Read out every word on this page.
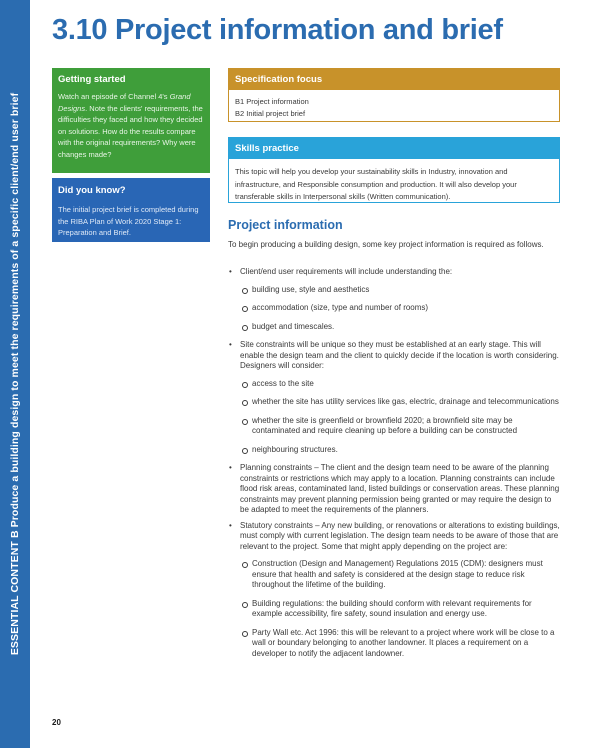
ESSENTIAL CONTENT B Produce a building design to meet the requirements of a specific client/end user brief
3.10 Project information and brief
Getting started
Watch an episode of Channel 4's Grand Designs. Note the clients' requirements, the difficulties they faced and how they decided on solutions. How do the results compare with the original requirements? Why were changes made?
Did you know?
The initial project brief is completed during the RIBA Plan of Work 2020 Stage 1: Preparation and Brief.
Specification focus
B1 Project information
B2 Initial project brief
Skills practice
This topic will help you develop your sustainability skills in Industry, innovation and infrastructure, and Responsible consumption and production. It will also develop your transferable skills in Interpersonal skills (Written communication).
Project information

To begin producing a building design, some key project information is required as follows.

• Client/end user requirements will include understanding the:
building use, style and aesthetics
accommodation (size, type and number of rooms)
budget and timescales.
• Site constraints will be unique so they must be established at an early stage. This will enable the design team and the client to quickly decide if the location is worth considering. Designers will consider:
access to the site
whether the site has utility services like gas, electric, drainage and telecommunications
whether the site is greenfield or brownfield 2020; a brownfield site may be contaminated and require cleaning up before a building can be constructed
neighbouring structures.
• Planning constraints – The client and the design team need to be aware of the planning constraints or restrictions which may apply to a location. Planning constraints can include flood risk areas, contaminated land, listed buildings or conservation areas. These planning constraints may prevent planning permission being granted or may require the design to be adapted to meet the requirements of the planners.
• Statutory constraints – Any new building, or renovations or alterations to existing buildings, must comply with current legislation. The design team needs to be aware of those that are relevant to the project. Some that might apply depending on the project are:
Construction (Design and Management) Regulations 2015 (CDM): designers must ensure that health and safety is considered at the design stage to reduce risk throughout the lifetime of the building.
Building regulations: the building should conform with relevant requirements for example accessibility, fire safety, sound insulation and energy use.
Party Wall etc. Act 1996: this will be relevant to a project where work will be close to a wall or boundary belonging to another landowner. It places a requirement on a developer to notify the adjacent landowner.
20
